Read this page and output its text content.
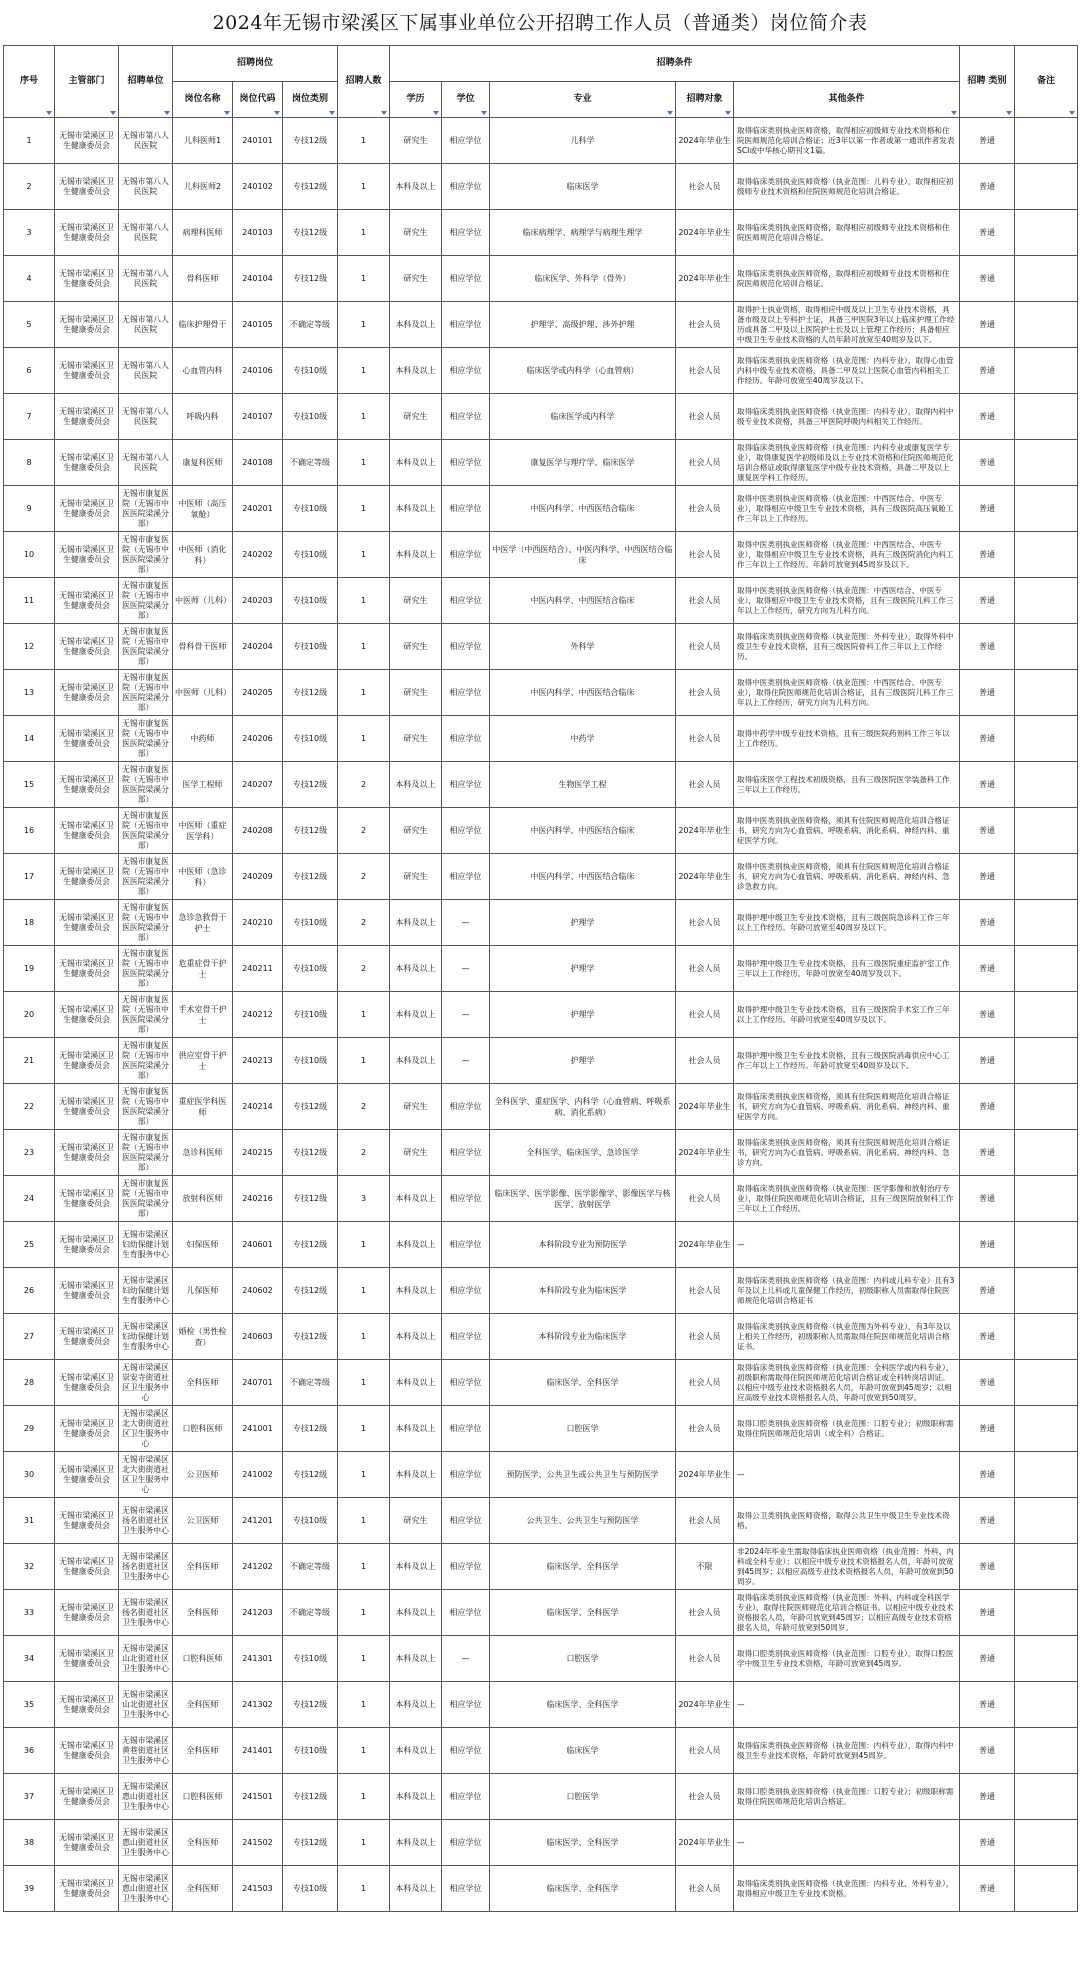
2024年无锡市梁溪区下属事业单位公开招聘工作人员（普通类）岗位简介表
序号	主管部门	招聘单位	招聘岗位			招聘人数	招聘条件					招聘 类别	备注
			岗位名称	岗位代码	岗位类别		学历	学位	专业	招聘对象	其他条件		
1	无锡市梁溪区卫生健康委员会	无锡市第八人民医院	儿科医师1	240101	专技12级	1	研究生	相应学位	儿科学	2024年毕业生	取得临床类别执业医师资格，取得相应初级师专业技术资格和住院医师规范化培训合格证；近3年以第一作者或第一通讯作者发表SCI或中华核心期刊文1篇。	普通	
2	无锡市梁溪区卫生健康委员会	无锡市第八人民医院	儿科医师2	240102	专技12级	1	本科及以上	相应学位	临床医学	社会人员	取得临床类别执业医师资格（执业范围：儿科专业），取得相应初级师专业技术资格和住院医师规范化培训合格证。	普通	
3	无锡市梁溪区卫生健康委员会	无锡市第八人民医院	病理科医师	240103	专技12级	1	研究生	相应学位	临床病理学、病理学与病理生理学	2024年毕业生	取得临床类别执业医师资格，取得相应初级师专业技术资格和住院医师规范化培训合格证。	普通	
4	无锡市梁溪区卫生健康委员会	无锡市第八人民医院	骨科医师	240104	专技12级	1	研究生	相应学位	临床医学、外科学（骨外）	2024年毕业生	取得临床类别执业医师资格，取得相应初级师专业技术资格和住院医师规范化培训合格证。	普通	
5	无锡市梁溪区卫生健康委员会	无锡市第八人民医院	临床护理骨干	240105	不确定等级	1	本科及以上	相应学位	护理学、高级护理、涉外护理	社会人员	取得护士执业资格，取得相应中级及以上卫生专业技术资格，具备市级及以上专科护士证，具备三甲医院3年以上临床护理工作经历或具备二甲及以上医院护士长及以上管理工作经历；具备相应中级卫生专业技术资格的人员年龄可放宽至40周岁及以下。	普通	
6	无锡市梁溪区卫生健康委员会	无锡市第八人民医院	心血管内科	240106	专技10级	1	本科及以上	相应学位	临床医学或内科学（心血管病）	社会人员	取得临床类别执业医师资格（执业范围：内科专业），取得心血管内科中级专业技术资格，具备二甲及以上医院心血管内科相关工作经历。年龄可放宽至40周岁及以下。	普通	
7	无锡市梁溪区卫生健康委员会	无锡市第八人民医院	呼吸内科	240107	专技10级	1	研究生	相应学位	临床医学或内科学	社会人员	取得临床类别执业医师资格（执业范围：内科专业），取得内科中级专业技术资格，具备三甲医院呼吸内科相关工作经历。	普通	
8	无锡市梁溪区卫生健康委员会	无锡市第八人民医院	康复科医师	240108	不确定等级	1	本科及以上	相应学位	康复医学与理疗学、临床医学	社会人员	取得临床类别执业医师资格（执业范围：内科专业或康复医学专业），取得康复医学初级师及以上专业技术资格和住院医师规范化培训合格证或取得康复医学中级专业技术资格，具备二甲及以上康复医学科工作经历。	普通	
9	无锡市梁溪区卫生健康委员会	无锡市康复医院（无锡市中医医院梁溪分部）	中医师（高压氧舱）	240201	专技10级	1	本科及以上	相应学位	中医内科学、中西医结合临床	社会人员	取得中医类别执业医师资格（执业范围：中西医结合、中医专业），取得相应中级卫生专业技术资格，具有三级医院高压氧舱工作三年以上工作经历。	普通	
10	无锡市梁溪区卫生健康委员会	无锡市康复医院（无锡市中医医院梁溪分部）	中医师（消化科）	240202	专技10级	1	本科及以上	相应学位	中医学（中西医结合）、中医内科学、中西医结合临床	社会人员	取得中医类别执业医师资格（执业范围：中西医结合、中医专业），取得相应中级卫生专业技术资格，具有三级医院消化内科工作三年以上工作经历。年龄可放宽到45周岁及以下。	普通	
11	无锡市梁溪区卫生健康委员会	无锡市康复医院（无锡市中医医院梁溪分部）	中医师（儿科）	240203	专技10级	1	研究生	相应学位	中医内科学、中西医结合临床	社会人员	取得中医类别执业医师资格（执业范围：中西医结合、中医专业），取得相应中级卫生专业技术资格，且有三级医院儿科工作三年以上工作经历，研究方向为儿科方向。	普通	
12	无锡市梁溪区卫生健康委员会	无锡市康复医院（无锡市中医医院梁溪分部）	骨科骨干医师	240204	专技10级	1	研究生	相应学位	外科学	社会人员	取得临床类别执业医师资格（执业范围：外科专业），取得外科中级卫生专业技术资格，且有三级医院骨科工作三年以上工作经历。	普通	
13	无锡市梁溪区卫生健康委员会	无锡市康复医院（无锡市中医医院梁溪分部）	中医师（儿科）	240205	专技12级	1	研究生	相应学位	中医内科学、中西医结合临床	社会人员	取得中医类别执业医师资格（执业范围：中西医结合、中医专业），取得住院医师规范化培训合格证，且有三级医院儿科工作三年以上工作经历，研究方向为儿科方向。	普通	
14	无锡市梁溪区卫生健康委员会	无锡市康复医院（无锡市中医医院梁溪分部）	中药师	240206	专技10级	1	研究生	相应学位	中药学	社会人员	取得中药学中级专业技术资格，且有三级医院药剂科工作三年以上工作经历。	普通	
15	无锡市梁溪区卫生健康委员会	无锡市康复医院（无锡市中医医院梁溪分部）	医学工程师	240207	专技12级	2	本科及以上	相应学位	生物医学工程	社会人员	取得临床医学工程技术初级资格，且有三级医院医学装备科工作三年以上工作经历。	普通	
16	无锡市梁溪区卫生健康委员会	无锡市康复医院（无锡市中医医院梁溪分部）	中医师（重症医学科）	240208	专技12级	2	研究生	相应学位	中医内科学、中西医结合临床	2024年毕业生	取得中医类别执业医师资格，须具有住院医师规范化培训合格证书，研究方向为心血管病、呼吸系病、消化系病、神经内科、重症医学方向。	普通	
17	无锡市梁溪区卫生健康委员会	无锡市康复医院（无锡市中医医院梁溪分部）	中医师（急诊科）	240209	专技12级	2	研究生	相应学位	中医内科学、中西医结合临床	2024年毕业生	取得中医类别执业医师资格，须具有住院医师规范化培训合格证书，研究方向为心血管病、呼吸系病、消化系病、神经内科、急诊急救方向。	普通	
18	无锡市梁溪区卫生健康委员会	无锡市康复医院（无锡市中医医院梁溪分部）	急诊急救骨干护士	240210	专技10级	2	本科及以上	—	护理学	社会人员	取得护理中级卫生专业技术资格，且有三级医院急诊科工作三年以上工作经历。年龄可放宽至40周岁及以下。	普通	
19	无锡市梁溪区卫生健康委员会	无锡市康复医院（无锡市中医医院梁溪分部）	危重症骨干护士	240211	专技10级	2	本科及以上	—	护理学	社会人员	取得护理中级卫生专业技术资格，且有三级医院重症监护室工作三年以上工作经历。年龄可放宽至40周岁及以下。	普通	
20	无锡市梁溪区卫生健康委员会	无锡市康复医院（无锡市中医医院梁溪分部）	手术室骨干护士	240212	专技10级	1	本科及以上	—	护理学	社会人员	取得护理中级卫生专业技术资格，且有三级医院手术室工作三年以上工作经历。年龄可放宽至40周岁及以下。	普通	
21	无锡市梁溪区卫生健康委员会	无锡市康复医院（无锡市中医医院梁溪分部）	供应室骨干护士	240213	专技10级	1	本科及以上	—	护理学	社会人员	取得护理中级卫生专业技术资格，且有三级医院消毒供应中心工作三年以上工作经历。年龄可放宽至40周岁及以下。	普通	
22	无锡市梁溪区卫生健康委员会	无锡市康复医院（无锡市中医医院梁溪分部）	重症医学科医师	240214	专技12级	2	研究生	相应学位	全科医学、重症医学、内科学（心血管病、呼吸系病、消化系病）	2024年毕业生	取得临床类别执业医师资格，须具有住院医师规范化培训合格证书，研究方向为心血管病、呼吸系病、消化系病、神经内科、重症医学方向。	普通	
23	无锡市梁溪区卫生健康委员会	无锡市康复医院（无锡市中医医院梁溪分部）	急诊科医师	240215	专技12级	2	研究生	相应学位	全科医学、临床医学、急诊医学	2024年毕业生	取得临床类别执业医师资格，须具有住院医师规范化培训合格证书，研究方向为心血管病、呼吸系病、消化系病、神经内科、急诊方向。	普通	
24	无锡市梁溪区卫生健康委员会	无锡市康复医院（无锡市中医医院梁溪分部）	放射科医师	240216	专技12级	3	本科及以上	相应学位	临床医学、医学影像、医学影像学、影像医学与核医学、放射医学	社会人员	取得临床类别执业医师资格（执业范围：医学影像和放射治疗专业），取得住院医师规范化培训合格证，且有三级医院放射科工作三年以上工作经历。	普通	
25	无锡市梁溪区卫生健康委员会	无锡市梁溪区妇幼保健计划生育服务中心	妇保医师	240601	专技12级	1	本科及以上	相应学位	本科阶段专业为预防医学	2024年毕业生	—	普通	
26	无锡市梁溪区卫生健康委员会	无锡市梁溪区妇幼保健计划生育服务中心	儿保医师	240602	专技12级	1	本科及以上	相应学位	本科阶段专业为临床医学	社会人员	取得临床类别执业医师资格（执业范围：内科或儿科专业）且有3年及以上儿科或儿童保健工作经历，初级职称人员需取得住院医师规范化培训合格证书	普通	
27	无锡市梁溪区卫生健康委员会	无锡市梁溪区妇幼保健计划生育服务中心	婚检（男性检查）	240603	专技12级	1	本科及以上	相应学位	本科阶段专业为临床医学	社会人员	取得临床类别执业医师资格（执业范围为外科专业），有3年及以上相关工作经历，初级职称人员需取得住院医师规范化培训合格证书。	普通	
28	无锡市梁溪区卫生健康委员会	无锡市梁溪区崇安寺街道社区卫生服务中心	全科医师	240701	不确定等级	1	本科及以上	相应学位	临床医学、全科医学	社会人员	取得临床类别执业医师资格（执业范围：全科医学或内科专业），初级职称需取得住院医师规范化培训合格证或全科转岗培训证。以相应中级专业技术资格报名人员，年龄可放宽到45周岁；以相应高级专业技术资格报名人员，年龄可放宽到50周岁。	普通	
29	无锡市梁溪区卫生健康委员会	无锡市梁溪区北大街街道社区卫生服务中心	口腔科医师	241001	专技12级	1	本科及以上	相应学位	口腔医学	社会人员	取得口腔类别执业医师资格（执业范围：口腔专业）；初级职称需取得住院医师规范化培训（或全科）合格证。	普通	
30	无锡市梁溪区卫生健康委员会	无锡市梁溪区北大街街道社区卫生服务中心	公卫医师	241002	专技12级	1	本科及以上	相应学位	预防医学、公共卫生或公共卫生与预防医学	2024年毕业生	—	普通	
31	无锡市梁溪区卫生健康委员会	无锡市梁溪区扬名街道社区卫生服务中心	公卫医师	241201	专技10级	1	研究生	相应学位	公共卫生、公共卫生与预防医学	社会人员	取得公卫类别执业医师资格，取得公共卫生中级卫生专业技术资格。	普通	
32	无锡市梁溪区卫生健康委员会	无锡市梁溪区扬名街道社区卫生服务中心	全科医师	241202	不确定等级	1	本科及以上	相应学位	临床医学、全科医学	不限	非2024年毕业生需取得临床执业医师资格（执业范围：外科、内科或全科专业）；以相应中级专业技术资格报名人员，年龄可放宽到45周岁；以相应高级专业技术资格报名人员，年龄可放宽到50周岁。	普通	
33	无锡市梁溪区卫生健康委员会	无锡市梁溪区扬名街道社区卫生服务中心	全科医师	241203	不确定等级	1	本科及以上	相应学位	临床医学、全科医学	社会人员	取得临床类别执业医师资格（执业范围：外科、内科或全科医学专业），取得住院医师规范化培训合格证书。以相应中级专业技术资格报名人员，年龄可放宽到45周岁；以相应高级专业技术资格报名人员，年龄可放宽到50周岁。	普通	
34	无锡市梁溪区卫生健康委员会	无锡市梁溪区山北街道社区卫生服务中心	口腔科医师	241301	专技10级	1	本科及以上	—	口腔医学	社会人员	取得口腔类别执业医师资格（执业范围：口腔专业），取得口腔医学中级卫生专业技术资格，年龄可放宽到45周岁。	普通	
35	无锡市梁溪区卫生健康委员会	无锡市梁溪区山北街道社区卫生服务中心	全科医师	241302	专技12级	1	本科及以上	相应学位	临床医学、全科医学	2024年毕业生	—	普通	
36	无锡市梁溪区卫生健康委员会	无锡市梁溪区黄巷街道社区卫生服务中心	全科医师	241401	专技10级	1	本科及以上	相应学位	临床医学	社会人员	取得临床类别执业医师资格（执业范围：内科专业），取得内科中级卫生专业技术资格，年龄可放宽到45周岁。	普通	
37	无锡市梁溪区卫生健康委员会	无锡市梁溪区惠山街道社区卫生服务中心	口腔科医师	241501	专技12级	1	本科及以上	相应学位	口腔医学	社会人员	取得口腔类别执业医师资格（执业范围：口腔专业）；初级职称需取得住院医师规范化培训合格证。	普通	
38	无锡市梁溪区卫生健康委员会	无锡市梁溪区惠山街道社区卫生服务中心	全科医师	241502	专技12级	1	本科及以上	相应学位	临床医学、全科医学	2024年毕业生	—	普通	
39	无锡市梁溪区卫生健康委员会	无锡市梁溪区惠山街道社区卫生服务中心	全科医师	241503	专技10级	1	本科及以上	相应学位	临床医学、全科医学	社会人员	取得临床类别执业医师资格（执业范围：内科专业、外科专业），取得相应中级卫生专业技术资格。	普通	
